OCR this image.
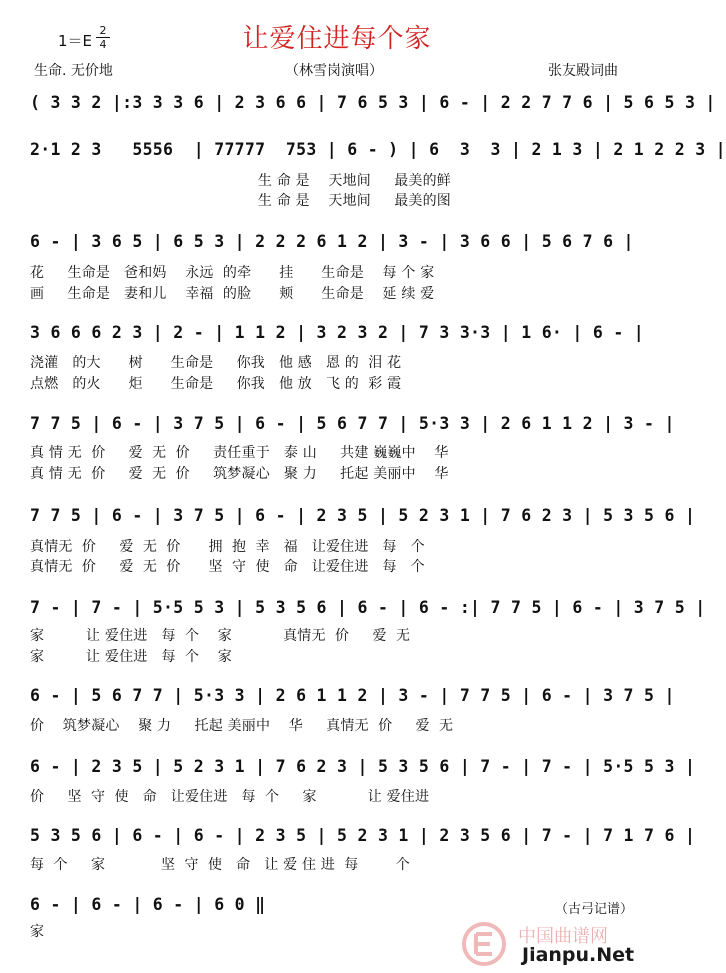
让爱住进每个家
1＝E
2
4
生命. 无价地	（林雪岗演唱）	张友殿词曲
( 3 3 2 |:3 3 3 6 | 2 3 6 6 | 7 6 5 3 | 6 - | 2 2 7 7 6 | 5 6 5 3 |
2·1 2 3   5556  | 77777  753 | 6 - ) | 6  3  3 | 2 1 3 | 2 1 2 2 3 |
生 命 是    天地间     最美的鲜
生 命 是    天地间     最美的图
6 - | 3 6 5 | 6 5 3 | 2 2 2 6 1 2 | 3 - | 3 6 6 | 5 6 7 6 |
花     生命是   爸和妈    永远  的牵      挂      生命是    每 个 家
画     生命是   妻和儿    幸福  的脸      颊      生命是    延 续 爱
3 6 6 6 2 3 | 2 - | 1 1 2 | 3 2 3 2 | 7 3 3·3 | 1 6· | 6 - |
浇灌   的大      树      生命是     你我   他 感   恩 的  泪 花
点燃   的火      炬      生命是     你我   他 放   飞 的  彩 霞
7 7 5 | 6 - | 3 7 5 | 6 - | 5 6 7 7 | 5·3 3 | 2 6 1 1 2 | 3 - |
真 情 无  价     爱  无  价     责任重于   泰 山     共建 巍巍中    华
真 情 无  价     爱  无  价     筑梦凝心   聚 力     托起 美丽中    华
7 7 5 | 6 - | 3 7 5 | 6 - | 2 3 5 | 5 2 3 1 | 7 6 2 3 | 5 3 5 6 |
真情无  价     爱  无  价      拥  抱  幸   福   让爱住进   每   个
真情无  价     爱  无  价      坚  守  使   命   让爱住进   每   个
7 - | 7 - | 5·5 5 3 | 5 3 5 6 | 6 - | 6 - :| 7 7 5 | 6 - | 3 7 5 |
家         让 爱住进   每  个    家           真情无  价     爱  无
家         让 爱住进   每  个    家
6 - | 5 6 7 7 | 5·3 3 | 2 6 1 1 2 | 3 - | 7 7 5 | 6 - | 3 7 5 |
价    筑梦凝心    聚 力     托起 美丽中    华     真情无  价     爱  无
6 - | 2 3 5 | 5 2 3 1 | 7 6 2 3 | 5 3 5 6 | 7 - | 7 - | 5·5 5 3 |
价     坚  守  使   命   让爱住进   每  个     家           让 爱住进
5 3 5 6 | 6 - | 6 - | 2 3 5 | 5 2 3 1 | 2 3 5 6 | 7 - | 7 1 7 6 |
每  个     家            坚  守  使   命   让 爱 住 进  每        个
6 - | 6 - | 6 - | 6 0 ‖
家
（古弓记谱）
中国曲谱网
Jianpu.Net
